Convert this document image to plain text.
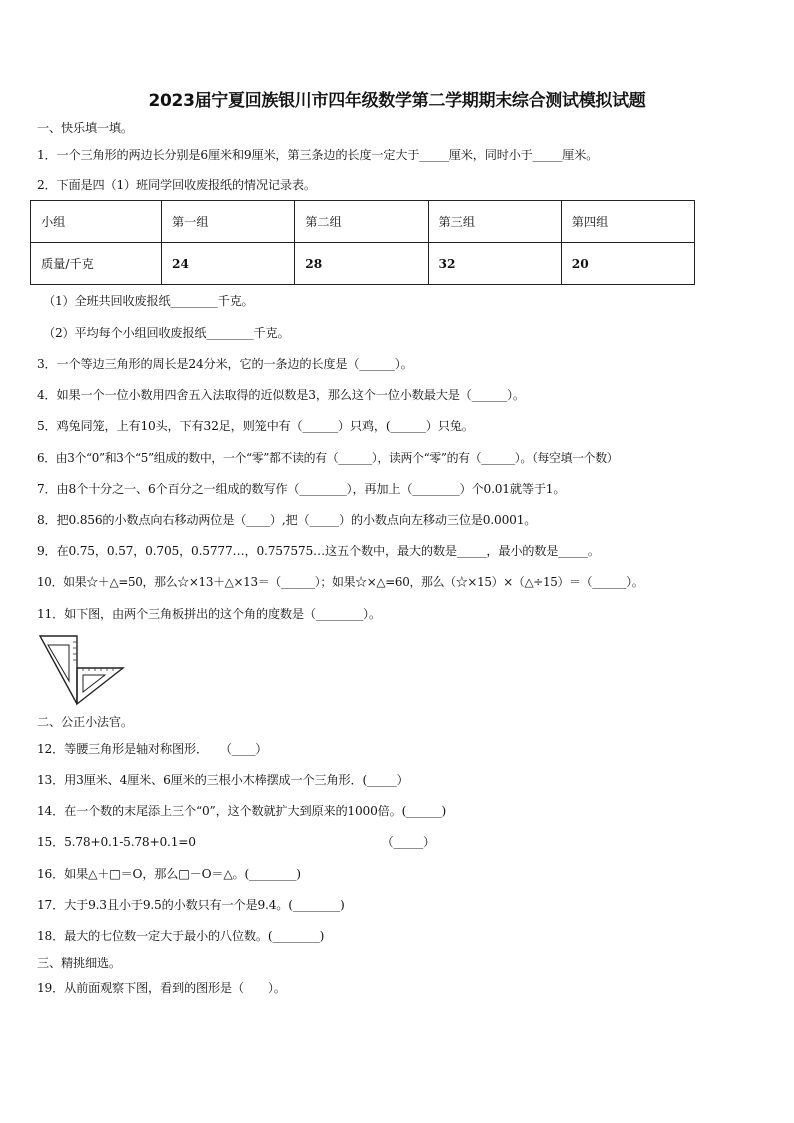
2023届宁夏回族银川市四年级数学第二学期期末综合测试模拟试题
一、快乐填一填。
1．一个三角形的两边长分别是6厘米和9厘米，第三条边的长度一定大于_____厘米，同时小于_____厘米。
2．下面是四（1）班同学回收废报纸的情况记录表。
小组	第一组	第二组	第三组	第四组
质量/千克	24	28	32	20
（1）全班共回收废报纸________千克。
（2）平均每个小组回收废报纸________千克。
3．一个等边三角形的周长是24分米，它的一条边的长度是（______）。
4．如果一个一位小数用四舍五入法取得的近似数是3，那么这个一位小数最大是（______）。
5．鸡兔同笼，上有10头，下有32足，则笼中有（______）只鸡，(______）只兔。
6．由3个“0”和3个“5”组成的数中，一个“零”都不读的有（______），读两个“零”的有（______）。（每空填一个数）
7．由8个十分之一、6个百分之一组成的数写作（________），再加上（________）个0.01就等于1。
8．把0.856的小数点向右移动两位是（____）,把（_____）的小数点向左移动三位是0.0001。
9．在0.75，0.57，0.705，0.5777…，0.757575…这五个数中，最大的数是_____，最小的数是_____。
10．如果☆＋△=50，那么☆×13＋△×13＝（______）；如果☆×△=60，那么（☆×15）×（△÷15）＝（______）。
11．如下图，由两个三角板拼出的这个角的度数是（________）。
二、公正小法官。
12．等腰三角形是轴对称图形．　　（____）
13．用3厘米、4厘米、6厘米的三根小木棒摆成一个三角形．(_____）
14．在一个数的末尾添上三个“0”，这个数就扩大到原来的1000倍。(______)
15．5.78+0.1-5.78+0.1=0　　　　　　　　　　　　　　　　（_____）
16．如果△＋□＝O，那么□－O＝△。(________)
17．大于9.3且小于9.5的小数只有一个是9.4。(________)
18．最大的七位数一定大于最小的八位数。(________)
三、精挑细选。
19．从前面观察下图，看到的图形是（　　）。
